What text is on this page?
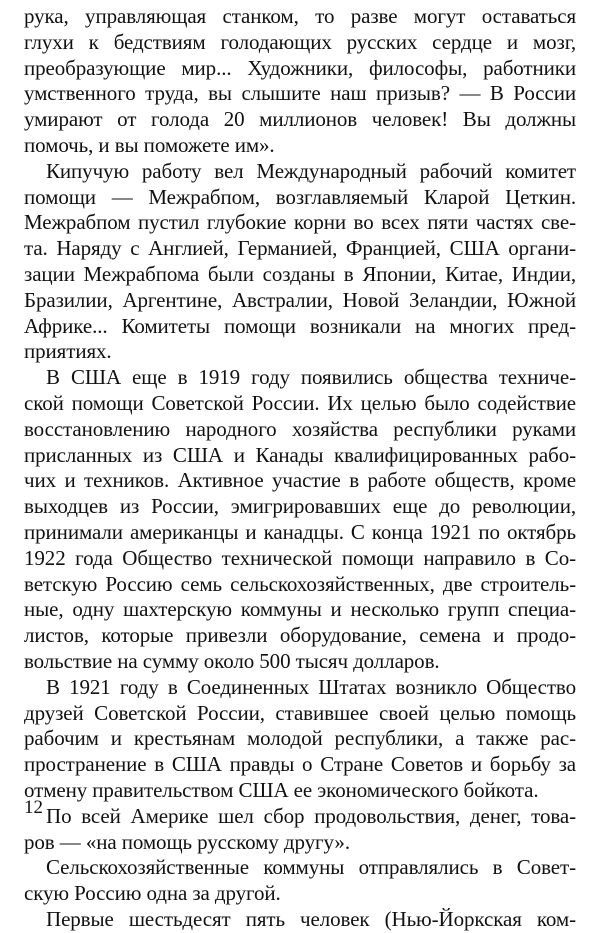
рука, управляющая станком, то разве могут оставаться
глухи к бедствиям голодающих русских сердце и мозг,
преобразующие мир... Художники, философы, работники
умственного труда, вы слышите наш призыв? — В России
умирают от голода 20 миллионов человек! Вы должны
помочь, и вы поможете им».
Кипучую работу вел Международный рабочий комитет
помощи — Межрабпом, возглавляемый Кларой Цеткин.
Межрабпом пустил глубокие корни во всех пяти частях све-
та. Наряду с Англией, Германией, Францией, США органи-
зации Межрабпома были созданы в Японии, Китае, Индии,
Бразилии, Аргентине, Австралии, Новой Зеландии, Южной
Африке... Комитеты помощи возникали на многих пред-
приятиях.
В США еще в 1919 году появились общества техниче-
ской помощи Советской России. Их целью было содействие
восстановлению народного хозяйства республики руками
присланных из США и Канады квалифицированных рабо-
чих и техников. Активное участие в работе обществ, кроме
выходцев из России, эмигрировавших еще до революции,
принимали американцы и канадцы. С конца 1921 по октябрь
1922 года Общество технической помощи направило в Со-
ветскую Россию семь сельскохозяйственных, две строитель-
ные, одну шахтерскую коммуны и несколько групп специа-
листов, которые привезли оборудование, семена и продо-
вольствие на сумму около 500 тысяч долларов.
В 1921 году в Соединенных Штатах возникло Общество
друзей Советской России, ставившее своей целью помощь
рабочим и крестьянам молодой республики, а также рас-
пространение в США правды о Стране Советов и борьбу за
отмену правительством США ее экономического бойкота.
По всей Америке шел сбор продовольствия, денег, това-
ров — «на помощь русскому другу».
Сельскохозяйственные коммуны отправлялись в Совет-
скую Россию одна за другой.
Первые шестьдесят пять человек (Нью-Йоркская ком-
12
